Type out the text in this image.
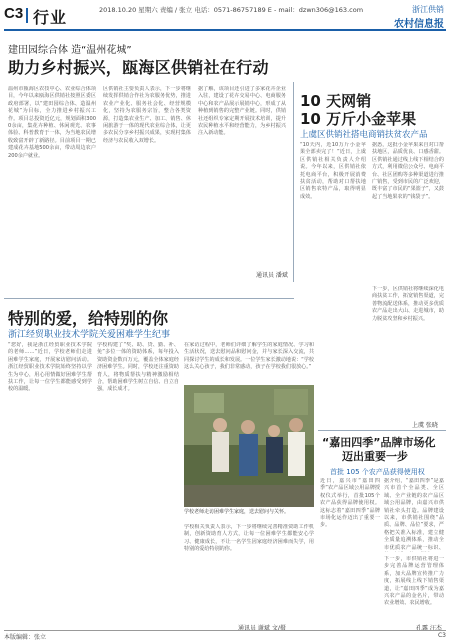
C3 行业	2018.10.20 星期六 责编 / 张立 电话：0571-86757189 E - mail：dzwn306@163.com	浙江供销
农村信息报
建田园综合体 造“温州花城”
助力乡村振兴，瓯海区供销社在行动
温州市瓯海区农技中心、农业综合体项目，今年以来瓯海区供销社按照区委区政府部署，以“建田园综合体、造温州花城”为目标，全力推进乡村振兴工作。项目总投资近亿元，规划面积3000余亩，集花卉种植、休闲观光、农事体验、科普教育于一体，为当地农民增收致富开辟了新路径。目前项目一期已建成花卉基地500余亩，带动周边农户200余户就业。
区供销社主要负责人表示，下一步将继续发挥供销合作社为农服务优势，推进农业产业化、服务社会化、经营规模化，坚持为农服务宗旨，整合各类资源，打造集农业生产、加工、销售、休闲旅游于一体的现代农业综合体，让更多农民分享乡村振兴成果，实现村集体经济与农民收入双增长。
据了解，该项目还引进了多家花卉企业入驻，建设了花卉交易中心、电商服务中心和农产品展示展销中心，形成了从种植到销售的完整产业链。同时，供销社还组织专家定期开展技术培训，提升农民种植水平和经营能力，为乡村振兴注入新动能。
通讯员 潘斌
10 天网销
10 万斤小金苹果
上虞区供销社搭电商销扶贫农产品
“10天内，近10万斤小金苹果全部卖完了！”近日，上虞区供销社相关负责人介绍说。今年以来，区供销社依托电商平台，积极开展消费扶贫活动，帮助对口帮扶地区销售农特产品，取得明显成效。
据悉，这批小金苹果来自对口帮扶地区，品质优良、口感香甜。区供销社通过线上线下相结合的方式，利用微信公众号、电商平台、社区团购等多种渠道进行推广销售，受到市民的广泛欢迎，既丰富了市民的“果篮子”，又鼓起了当地果农的“钱袋子”。
下一步，区供销社将继续深化电商扶贫工作，拓宽销售渠道，完善物流配送体系，推动更多优质农产品走出大山、走进城市，助力脱贫攻坚和乡村振兴。
上虞 张晓
特别的爱，给特别的你
浙江经贸职业技术学院关爱困难学生纪事
“您好，我是浙江经贸职业技术学院的老师……”近日，学校老师们走进困难学生家庭，开展家访慰问活动。浙江经贸职业技术学院始终坚持以学生为中心，用心用情做好困难学生帮扶工作，让每一位学生都能感受到学校的温暖。
学校构建了“奖、助、贷、勤、补、免”多位一体的资助体系，每年投入资助资金数百万元，覆盖全体家庭经济困难学生。同时，学校还注重资助育人，将物质帮扶与精神激励相结合，帮助困难学生树立自信、自立自强，成长成才。
在家访过程中，老师们详细了解学生的家庭情况、学习和生活状况，送去慰问品和慰问金，并与家长深入交流，共同探讨学生的成长和发展。一位学生家长激动地说：“学校这么关心孩子，我们非常感动，孩子在学校我们很放心。”
学校老师走访困难学生家庭，送去慰问与关怀。
学校相关负责人表示，下一步将继续完善精准资助工作机制，创新资助育人方式，让每一位困难学生都能安心学习、健康成长，不让一名学生因家庭经济困难而失学，用特别的爱给特别的你。
通讯员 谢斌 文/摄
“嘉田四季”品牌市场化
迈出重要一步
首批 105 个农产品获得使用权
近日，嘉兴市“嘉田四季”农产品区域公用品牌授权仪式举行，首批105个农产品获得品牌使用权。这标志着“嘉田四季”品牌市场化运作迈出了重要一步。
据介绍，“嘉田四季”是嘉兴市首个全品类、全区域、全产业链的农产品区域公用品牌，由嘉兴市供销社牵头打造。品牌建设以来，市供销社围绕“品质、品牌、品位”要求，严格把关准入标准，建立健全质量追溯体系，推动全市优质农产品统一标识、
下一步，市供销社将进一步完善品牌运营管理体系，加大品牌宣传推广力度，拓展线上线下销售渠道，让“嘉田四季”成为嘉兴农产品的金名片，带动农业增效、农民增收。
孔露 汪杰
本版编辑：张立	C3
